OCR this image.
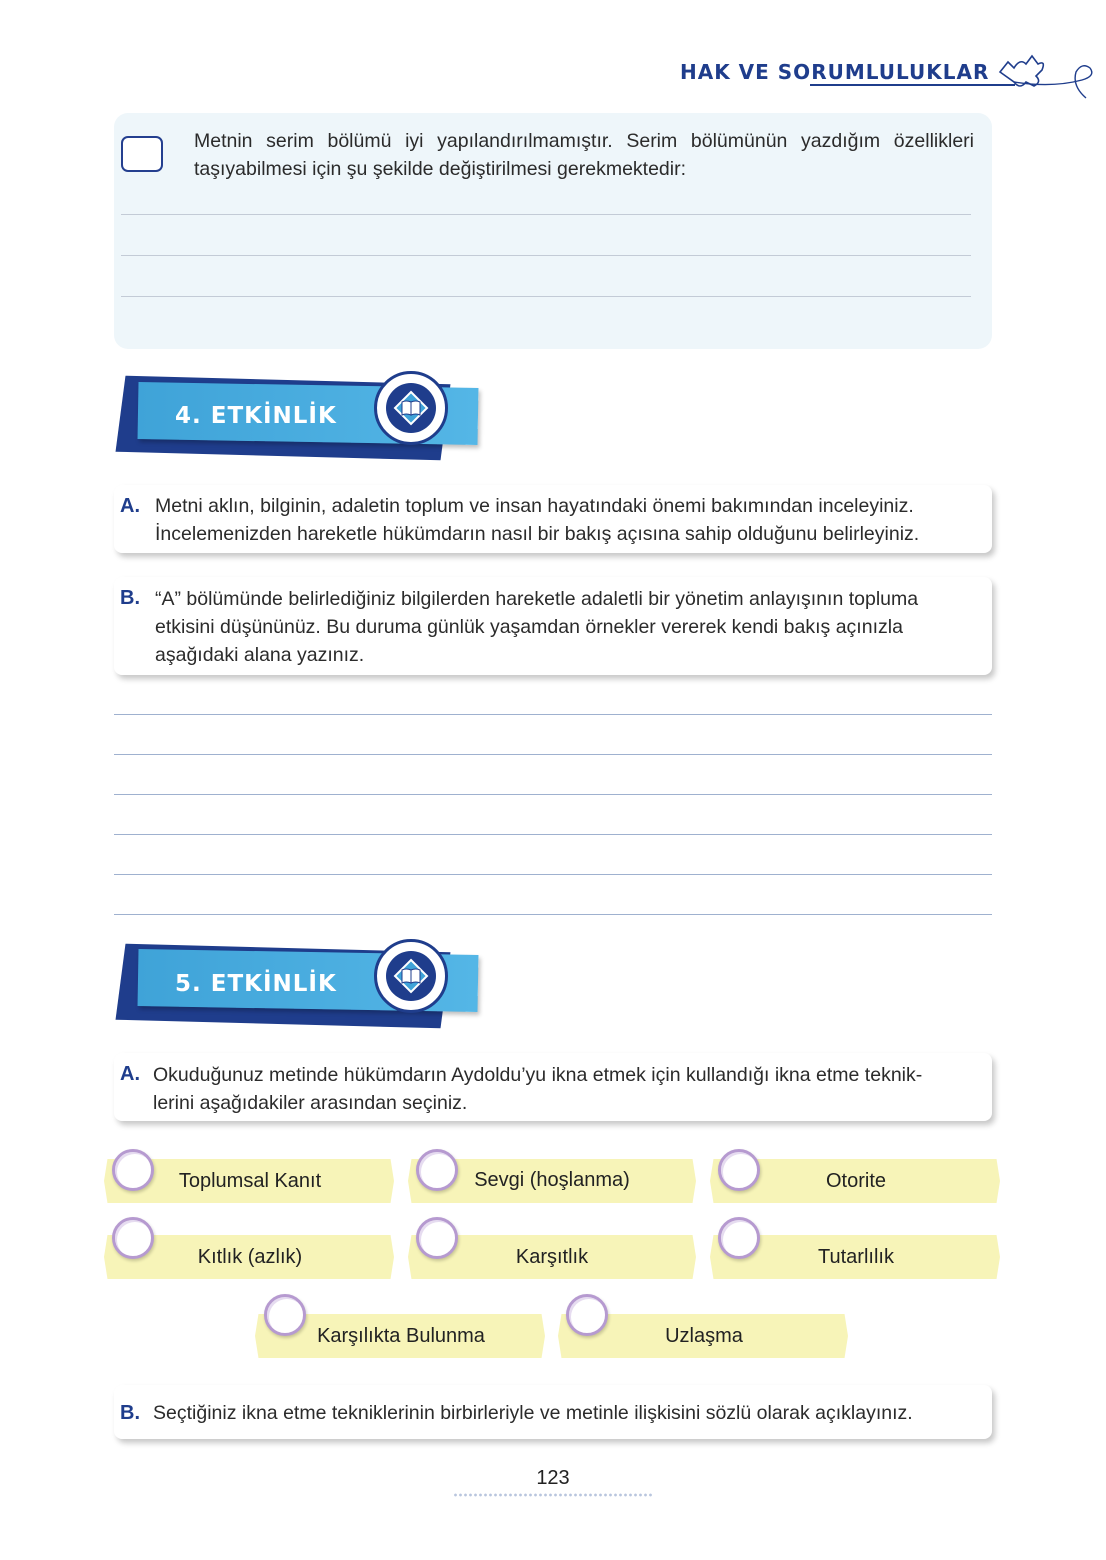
HAK VE SORUMLULUKLAR
Metnin serim bölümü iyi yapılandırılmamıştır. Serim bölümünün yazdığım özellikleri taşıyabilmesi için şu şekilde değiştirilmesi gerekmektedir:
4. ETKİNLİK
A. Metni aklın, bilginin, adaletin toplum ve insan hayatındaki önemi bakımından inceleyiniz.
İncelemenizden hareketle hükümdarın nasıl bir bakış açısına sahip olduğunu belirleyiniz.
B. “A” bölümünde belirlediğiniz bilgilerden hareketle adaletli bir yönetim anlayışının topluma
etkisini düşününüz. Bu duruma günlük yaşamdan örnekler vererek kendi bakış açınızla
aşağıdaki alana yazınız.
5. ETKİNLİK
A. Okuduğunuz metinde hükümdarın Aydoldu’yu ikna etmek için kullandığı ikna etme teknik-
lerini aşağıdakiler arasından seçiniz.
Toplumsal Kanıt	Sevgi (hoşlanma)	Otorite
Kıtlık (azlık)	Karşıtlık	Tutarlılık
Karşılıkta Bulunma	Uzlaşma
B. Seçtiğiniz ikna etme tekniklerinin birbirleriyle ve metinle ilişkisini sözlü olarak açıklayınız.
123
